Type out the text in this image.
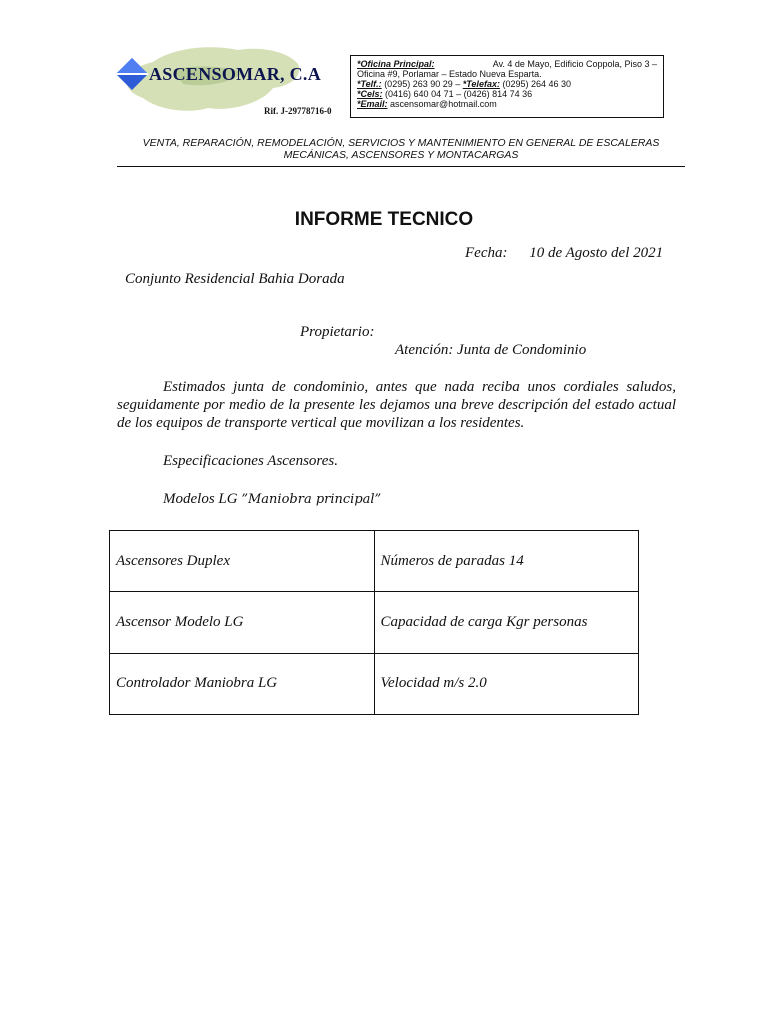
ASCENSOMAR, C.A
Rif. J-29778716-0
*Oficina Principal:	Av. 4 de Mayo, Edificio Coppola, Piso 3 –
Oficina #9, Porlamar – Estado Nueva Esparta.
*Telf.: (0295) 263 90 29 – *Telefax: (0295) 264 46 30
*Cels: (0416) 640 04 71 – (0426) 814 74 36
*Email: ascensomar@hotmail.com
VENTA, REPARACIÓN, REMODELACIÓN, SERVICIOS Y MANTENIMIENTO EN GENERAL DE ESCALERAS MECÁNICAS, ASCENSORES Y MONTACARGAS
INFORME TECNICO
Fecha: 10 de Agosto del 2021
Conjunto Residencial Bahia Dorada
Propietario:
Atención: Junta de Condominio
Estimados junta de condominio, antes que nada reciba unos cordiales saludos, seguidamente por medio de la presente les dejamos una breve descripción del estado actual de los equipos de transporte vertical que movilizan a los residentes.
Especificaciones Ascensores.
Modelos LG ”Maniobra principal”
Ascensores Duplex	Números de paradas 14
Ascensor Modelo LG	Capacidad de carga Kgr personas
Controlador Maniobra LG	Velocidad m/s 2.0
